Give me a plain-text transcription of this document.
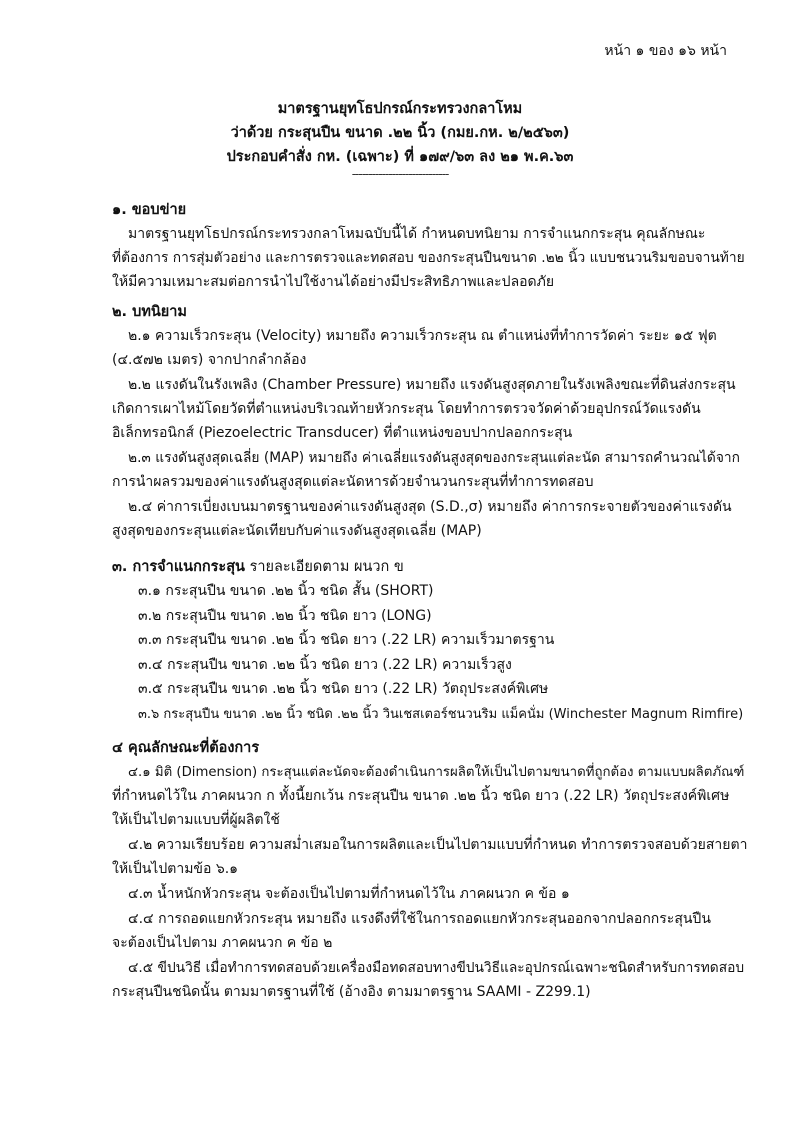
หน้า ๑ ของ ๑๖ หน้า
มาตรฐานยุทโธปกรณ์กระทรวงกลาโหม
ว่าด้วย กระสุนปืน ขนาด .๒๒ นิ้ว (กมย.กห. ๒/๒๕๖๓)
ประกอบคำสั่ง กห. (เฉพาะ) ที่ ๑๗๙/๖๓ ลง ๒๑ พ.ค.๖๓
-----------------------------
๑. ขอบข่าย
มาตรฐานยุทโธปกรณ์กระทรวงกลาโหมฉบับนี้ได้ กำหนดบทนิยาม การจำแนกกระสุน คุณลักษณะ
ที่ต้องการ การสุ่มตัวอย่าง และการตรวจและทดสอบ ของกระสุนปืนขนาด .๒๒ นิ้ว แบบชนวนริมขอบจานท้าย
ให้มีความเหมาะสมต่อการนำไปใช้งานได้อย่างมีประสิทธิภาพและปลอดภัย
๒. บทนิยาม
๒.๑ ความเร็วกระสุน (Velocity) หมายถึง ความเร็วกระสุน ณ ตำแหน่งที่ทำการวัดค่า ระยะ ๑๕ ฟุต
(๔.๕๗๒ เมตร) จากปากลำกล้อง
๒.๒ แรงดันในรังเพลิง (Chamber Pressure) หมายถึง แรงดันสูงสุดภายในรังเพลิงขณะที่ดินส่งกระสุน
เกิดการเผาไหม้โดยวัดที่ตำแหน่งบริเวณท้ายหัวกระสุน โดยทำการตรวจวัดค่าด้วยอุปกรณ์วัดแรงดัน
อิเล็กทรอนิกส์ (Piezoelectric Transducer) ที่ตำแหน่งขอบปากปลอกกระสุน
๒.๓ แรงดันสูงสุดเฉลี่ย (MAP) หมายถึง ค่าเฉลี่ยแรงดันสูงสุดของกระสุนแต่ละนัด สามารถคำนวณได้จาก
การนำผลรวมของค่าแรงดันสูงสุดแต่ละนัดหารด้วยจำนวนกระสุนที่ทำการทดสอบ
๒.๔ ค่าการเบี่ยงเบนมาตรฐานของค่าแรงดันสูงสุด (S.D.,σ) หมายถึง ค่าการกระจายตัวของค่าแรงดัน
สูงสุดของกระสุนแต่ละนัดเทียบกับค่าแรงดันสูงสุดเฉลี่ย (MAP)
๓. การจำแนกกระสุน รายละเอียดตาม ผนวก ข
๓.๑ กระสุนปืน ขนาด .๒๒ นิ้ว ชนิด สั้น (SHORT)
๓.๒ กระสุนปืน ขนาด .๒๒ นิ้ว ชนิด ยาว (LONG)
๓.๓ กระสุนปืน ขนาด .๒๒ นิ้ว ชนิด ยาว (.22 LR) ความเร็วมาตรฐาน
๓.๔ กระสุนปืน ขนาด .๒๒ นิ้ว ชนิด ยาว (.22 LR) ความเร็วสูง
๓.๕ กระสุนปืน ขนาด .๒๒ นิ้ว ชนิด ยาว (.22 LR) วัตถุประสงค์พิเศษ
๓.๖ กระสุนปืน ขนาด .๒๒ นิ้ว ชนิด .๒๒ นิ้ว วินเชสเตอร์ชนวนริม แม็คนั่ม (Winchester Magnum Rimfire)
๔ คุณลักษณะที่ต้องการ
๔.๑ มิติ (Dimension) กระสุนแต่ละนัดจะต้องดำเนินการผลิตให้เป็นไปตามขนาดที่ถูกต้อง ตามแบบผลิตภัณฑ์
ที่กำหนดไว้ใน ภาคผนวก ก ทั้งนี้ยกเว้น กระสุนปืน ขนาด .๒๒ นิ้ว ชนิด ยาว (.22 LR) วัตถุประสงค์พิเศษ
ให้เป็นไปตามแบบที่ผู้ผลิตใช้
๔.๒ ความเรียบร้อย ความสม่ำเสมอในการผลิตและเป็นไปตามแบบที่กำหนด ทำการตรวจสอบด้วยสายตา
ให้เป็นไปตามข้อ ๖.๑
๔.๓ น้ำหนักหัวกระสุน จะต้องเป็นไปตามที่กำหนดไว้ใน ภาคผนวก ค ข้อ ๑
๔.๔ การถอดแยกหัวกระสุน หมายถึง แรงดึงที่ใช้ในการถอดแยกหัวกระสุนออกจากปลอกกระสุนปืน
จะต้องเป็นไปตาม ภาคผนวก ค ข้อ ๒
๔.๕ ขีปนวิธี เมื่อทำการทดสอบด้วยเครื่องมือทดสอบทางขีปนวิธีและอุปกรณ์เฉพาะชนิดสำหรับการทดสอบ
กระสุนปืนชนิดนั้น ตามมาตรฐานที่ใช้ (อ้างอิง ตามมาตรฐาน SAAMI - Z299.1)
